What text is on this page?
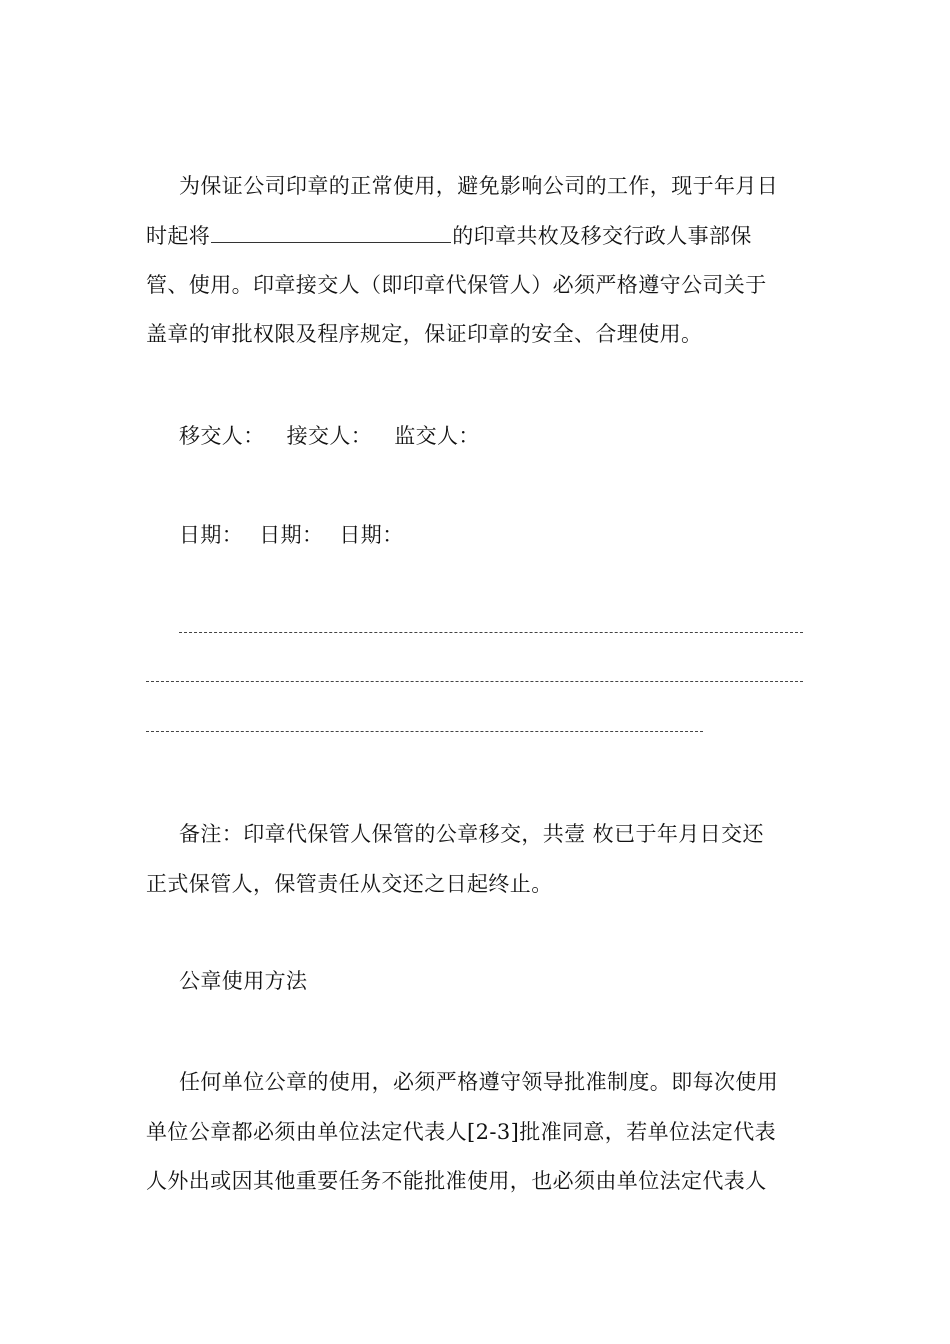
为保证公司印章的正常使用，避免影响公司的工作，现于年月日
时起将	的印章共枚及移交行政人事部保
管、使用。印章接交人（即印章代保管人）必须严格遵守公司关于
盖章的审批权限及程序规定，保证印章的安全、合理使用。
移交人： 接交人： 监交人：
日期： 日期： 日期：
备注：印章代保管人保管的公章移交，共壹 枚已于年月日交还
正式保管人，保管责任从交还之日起终止。
公章使用方法
任何单位公章的使用，必须严格遵守领导批准制度。即每次使用
单位公章都必须由单位法定代表人[2-3]批准同意，若单位法定代表
人外出或因其他重要任务不能批准使用，也必须由单位法定代表人
